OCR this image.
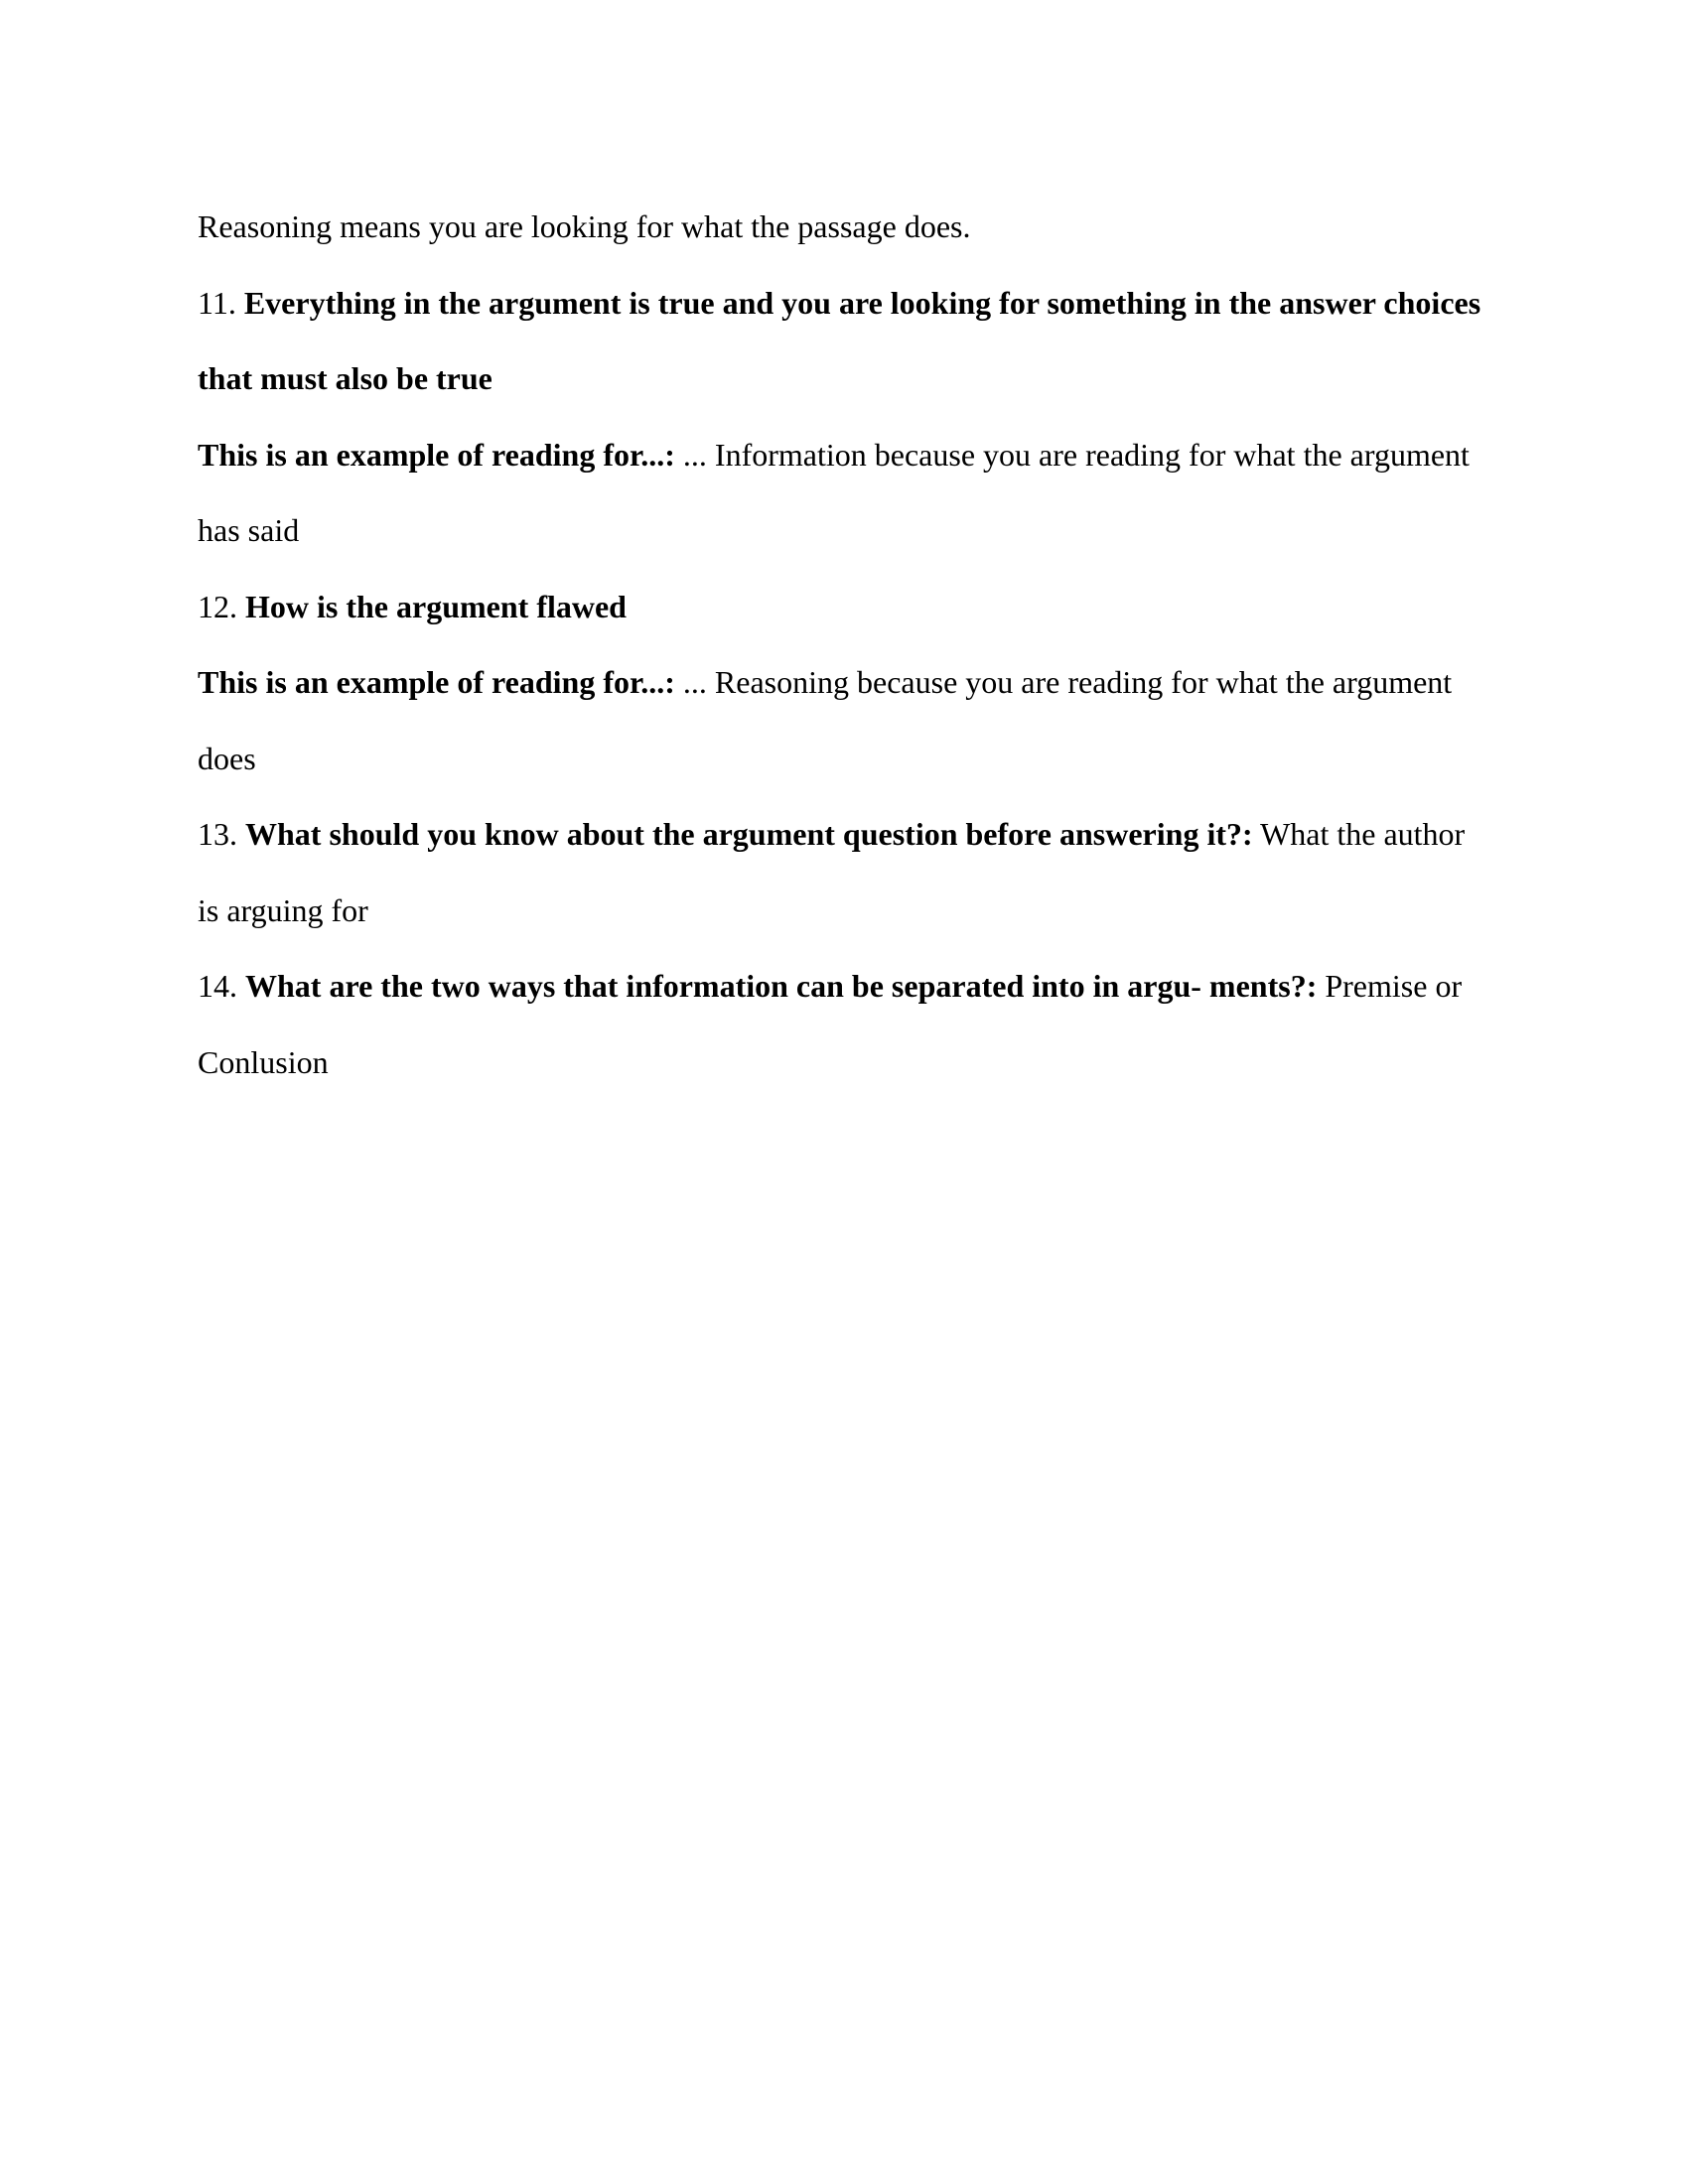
Reasoning means you are looking for what the passage does.

11. Everything in the argument is true and you are looking for something in the answer choices that must also be true

This is an example of reading for...: ... Information because you are reading for what the argument has said

12. How is the argument flawed

This is an example of reading for...: ... Reasoning because you are reading for what the argument does

13. What should you know about the argument question before answering it?: What the author is arguing for

14. What are the two ways that information can be separated into in argu- ments?: Premise or Conlusion
